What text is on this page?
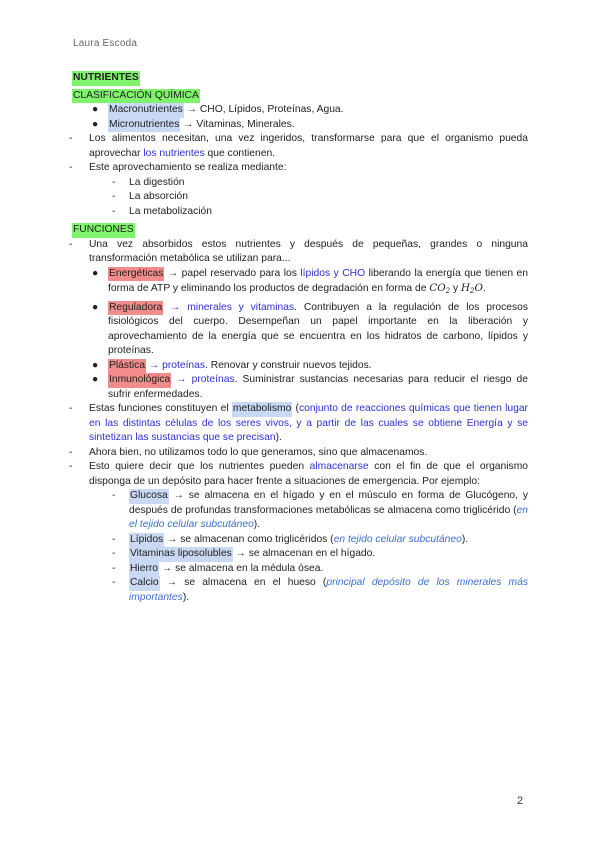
Laura Escoda
NUTRIENTES
CLASIFICACIÓN QUÍMICA
●	Macronutrientes → CHO, Lípidos, Proteínas, Agua.
●	Micronutrientes → Vitaminas, Minerales.
- Los alimentos necesitan, una vez ingeridos, transformarse para que el organismo pueda aprovechar los nutrientes que contienen.
- Este aprovechamiento se realiza mediante:
- La digestión
- La absorción
- La metabolización
FUNCIONES
- Una vez absorbidos estos nutrientes y después de pequeñas, grandes o ninguna transformación metabólica se utilizan para...
●	Energéticas → papel reservado para los lípidos y CHO liberando la energía que tienen en forma de ATP y eliminando los productos de degradación en forma de $CO_2$ y $H_2O$.
●	Reguladora → minerales y vitaminas. Contribuyen a la regulación de los procesos fisiológicos del cuerpo. Desempeñan un papel importante en la liberación y aprovechamiento de la energía que se encuentra en los hidratos de carbono, lípidos y proteínas.
●	Plástica → proteínas. Renovar y construir nuevos tejidos.
●	Inmunológica → proteínas. Suministrar sustancias necesarias para reducir el riesgo de sufrir enfermedades.
- Estas funciones constituyen el metabolismo (conjunto de reacciones químicas que tienen lugar en las distintas células de los seres vivos, y a partir de las cuales se obtiene Energía y se sintetizan las sustancias que se precisan).
- Ahora bien, no utilizamos todo lo que generamos, sino que almacenamos.
- Esto quiere decir que los nutrientes pueden almacenarse con el fin de que el organismo disponga de un depósito para hacer frente a situaciones de emergencia. Por ejemplo:
- Glucosa → se almacena en el hígado y en el músculo en forma de Glucógeno, y después de profundas transformaciones metabólicas se almacena como triglicérido (en el tejido celular subcutáneo).
- Lípidos → se almacenan como triglicéridos (en tejido celular subcutáneo).
- Vitaminas liposolubles → se almacenan en el hígado.
- Hierro → se almacena en la médula ósea.
- Calcio → se almacena en el hueso (principal depósito de los minerales más importantes).
2
